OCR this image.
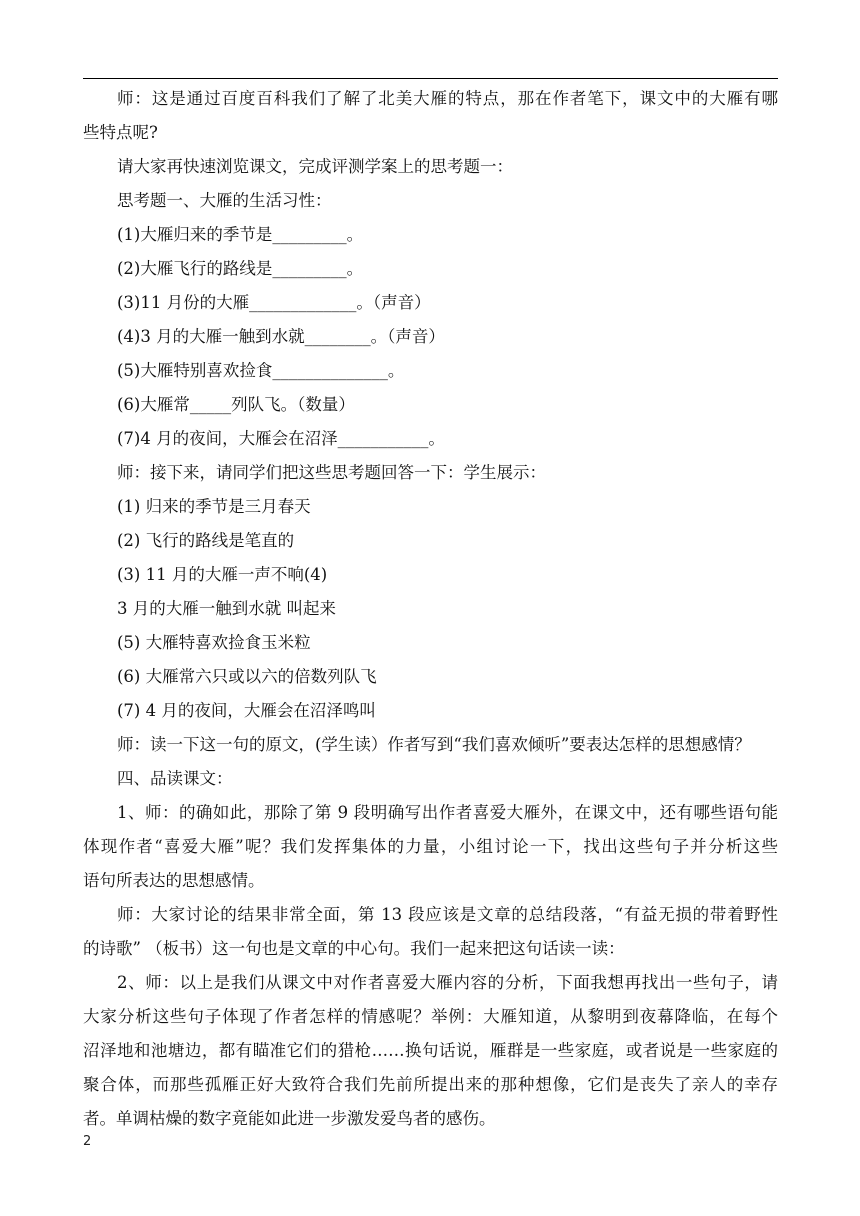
师：这是通过百度百科我们了解了北美大雁的特点，那在作者笔下，课文中的大雁有哪
些特点呢?
请大家再快速浏览课文，完成评测学案上的思考题一：
思考题一、大雁的生活习性：
(1)大雁归来的季节是_________。
(2)大雁飞行的路线是_________。
(3)11 月份的大雁_____________。（声音）
(4)3 月的大雁一触到水就________。（声音）
(5)大雁特别喜欢捡食______________。
(6)大雁常_____列队飞。（数量）
(7)4 月的夜间，大雁会在沼泽___________。
师：接下来，请同学们把这些思考题回答一下：学生展示：
(1) 归来的季节是三月春天
(2) 飞行的路线是笔直的
(3) 11 月的大雁一声不响(4)
3 月的大雁一触到水就 叫起来
(5) 大雁特喜欢捡食玉米粒
(6) 大雁常六只或以六的倍数列队飞
(7) 4 月的夜间，大雁会在沼泽鸣叫
师：读一下这一句的原文，(学生读）作者写到“我们喜欢倾听”要表达怎样的思想感情？
四、品读课文：
1、师：的确如此，那除了第 9 段明确写出作者喜爱大雁外，在课文中，还有哪些语句能
体现作者“喜爱大雁”呢？我们发挥集体的力量，小组讨论一下，找出这些句子并分析这些
语句所表达的思想感情。
师：大家讨论的结果非常全面，第 13 段应该是文章的总结段落，“有益无损的带着野性
的诗歌” （板书）这一句也是文章的中心句。我们一起来把这句话读一读：
2、师：以上是我们从课文中对作者喜爱大雁内容的分析，下面我想再找出一些句子，请
大家分析这些句子体现了作者怎样的情感呢？举例：大雁知道，从黎明到夜幕降临，在每个
沼泽地和池塘边，都有瞄准它们的猎枪……换句话说，雁群是一些家庭，或者说是一些家庭的
聚合体，而那些孤雁正好大致符合我们先前所提出来的那种想像，它们是丧失了亲人的幸存
者。单调枯燥的数字竟能如此进一步激发爱鸟者的感伤。
2
